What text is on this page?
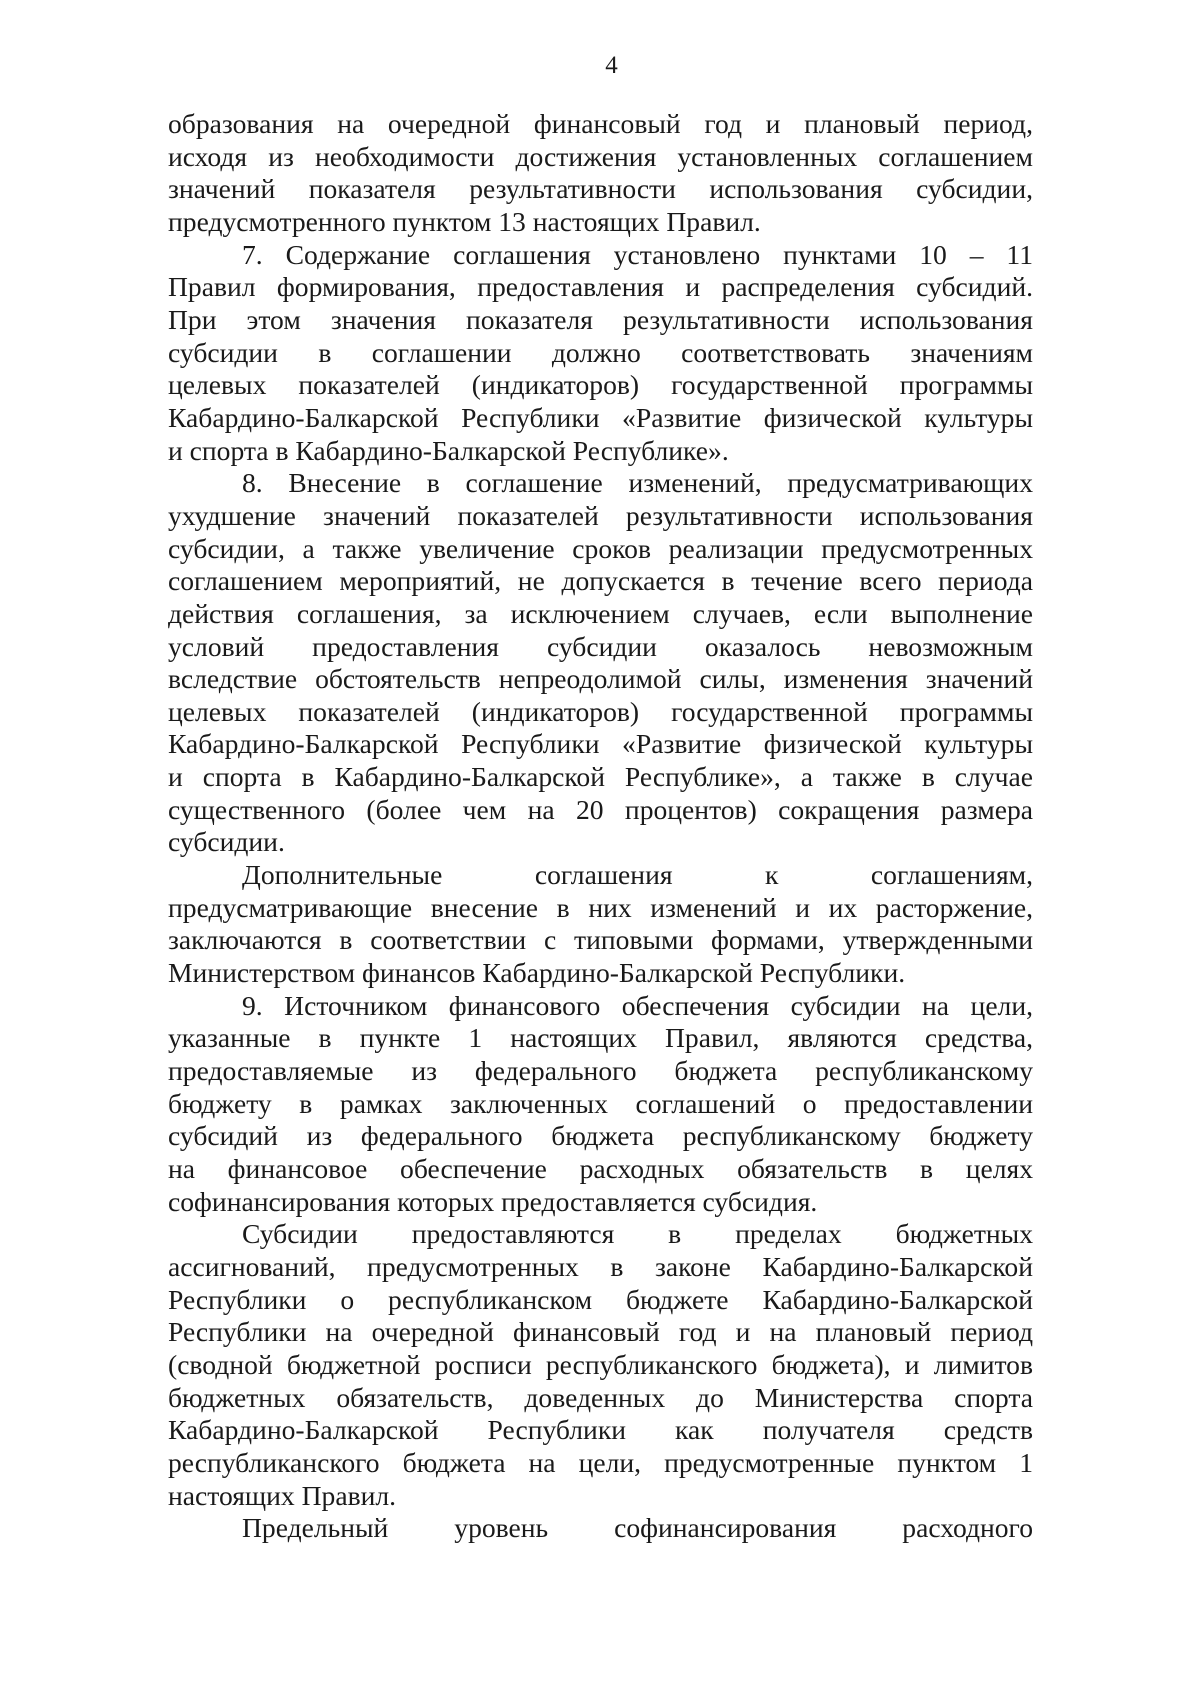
4
образования на очередной финансовый год и плановый период,
исходя из необходимости достижения установленных соглашением
значений показателя результативности использования субсидии,
предусмотренного пунктом 13 настоящих Правил.
7. Содержание соглашения установлено пунктами 10 – 11
Правил формирования, предоставления и распределения субсидий.
При этом значения показателя результативности использования
субсидии в соглашении должно соответствовать значениям
целевых показателей (индикаторов) государственной программы
Кабардино-Балкарской Республики «Развитие физической культуры
и спорта в Кабардино-Балкарской Республике».
8. Внесение в соглашение изменений, предусматривающих
ухудшение значений показателей результативности использования
субсидии, а также увеличение сроков реализации предусмотренных
соглашением мероприятий, не допускается в течение всего периода
действия соглашения, за исключением случаев, если выполнение
условий предоставления субсидии оказалось невозможным
вследствие обстоятельств непреодолимой силы, изменения значений
целевых показателей (индикаторов) государственной программы
Кабардино-Балкарской Республики «Развитие физической культуры
и спорта в Кабардино-Балкарской Республике», а также в случае
существенного (более чем на 20 процентов) сокращения размера
субсидии.
Дополнительные соглашения к соглашениям,
предусматривающие внесение в них изменений и их расторжение,
заключаются в соответствии с типовыми формами, утвержденными
Министерством финансов Кабардино-Балкарской Республики.
9. Источником финансового обеспечения субсидии на цели,
указанные в пункте 1 настоящих Правил, являются средства,
предоставляемые из федерального бюджета республиканскому
бюджету в рамках заключенных соглашений о предоставлении
субсидий из федерального бюджета республиканскому бюджету
на финансовое обеспечение расходных обязательств в целях
софинансирования которых предоставляется субсидия.
Субсидии предоставляются в пределах бюджетных
ассигнований, предусмотренных в законе Кабардино-Балкарской
Республики о республиканском бюджете Кабардино-Балкарской
Республики на очередной финансовый год и на плановый период
(сводной бюджетной росписи республиканского бюджета), и лимитов
бюджетных обязательств, доведенных до Министерства спорта
Кабардино-Балкарской Республики как получателя средств
республиканского бюджета на цели, предусмотренные пунктом 1
настоящих Правил.
Предельный уровень софинансирования расходного
